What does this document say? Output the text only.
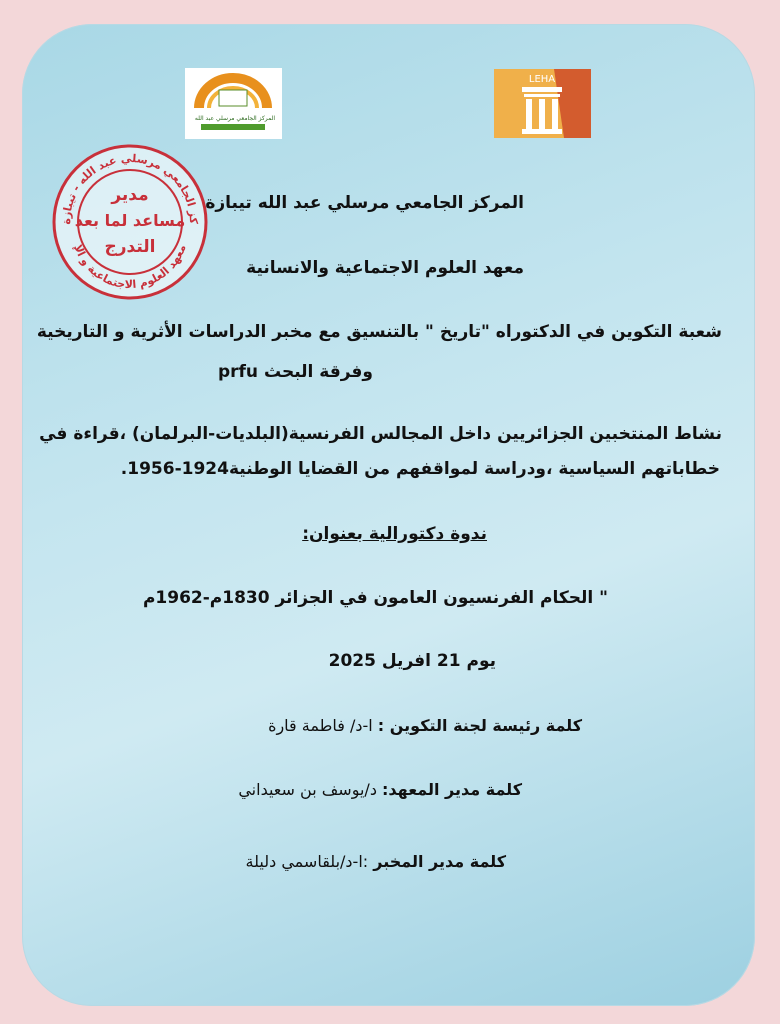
المركز الجامعي مرسلي عبد الله
LEHA
كز الجامعي مرسلي عبد الله - تيبازة
معهد العلوم الاجتماعية و الإ
مدير
مساعد لما بعد
التدرج
المركز الجامعي مرسلي عبد الله تيبازة
معهد العلوم الاجتماعية والانسانية
شعبة التكوين في الدكتوراه "تاريخ " بالتنسيق مع مخبر الدراسات الأثرية و التاريخية
وفرقة البحث prfu
نشاط المنتخبين الجزائريين داخل المجالس الفرنسية(البلديات-البرلمان) ،قراءة في
خطاباتهم السياسية ،ودراسة لمواقفهم من القضايا الوطنية1924-1956.
ندوة دكتورالية بعنوان:
" الحكام الفرنسيون العامون في الجزائر 1830م-1962م
يوم 21 افريل 2025
كلمة رئيسة لجنة التكوين : ا-د/ فاطمة قارة
كلمة مدير المعهد: د/يوسف بن سعيداني
كلمة مدير المخبر :ا-د/بلقاسمي دليلة
